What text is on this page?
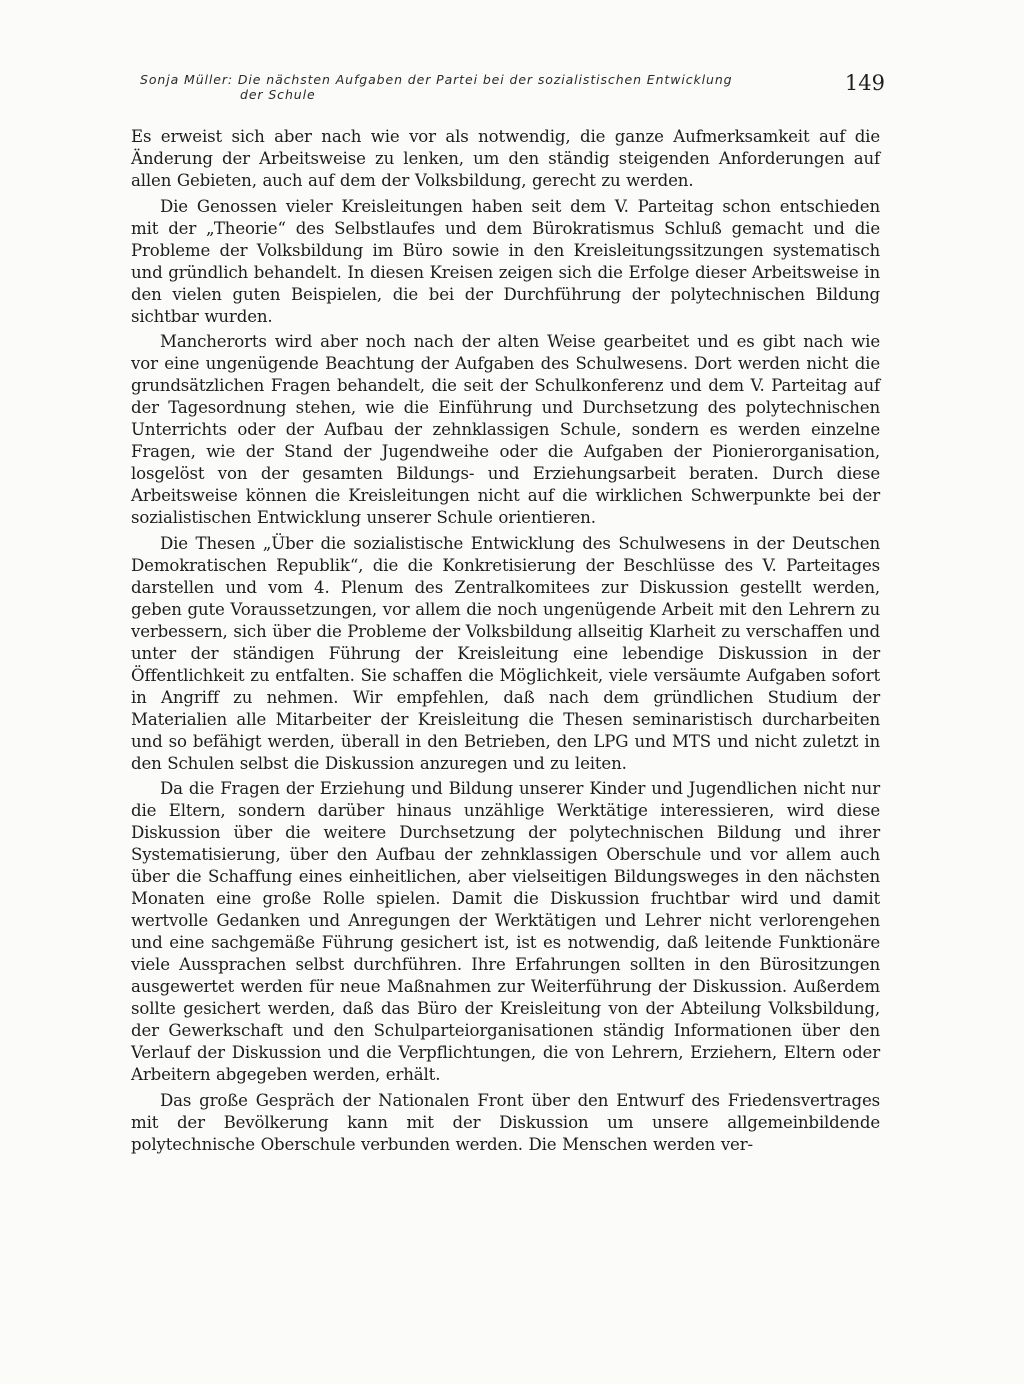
Sonja Müller: Die nächsten Aufgaben der Partei bei der sozialistischen Entwicklung
der Schule	149

Es erweist sich aber nach wie vor als notwendig, die ganze Aufmerksamkeit auf die Änderung der Arbeitsweise zu lenken, um den ständig steigenden Anforderungen auf allen Gebieten, auch auf dem der Volksbildung, gerecht zu werden.

Die Genossen vieler Kreisleitungen haben seit dem V. Parteitag schon entschieden mit der „Theorie“ des Selbstlaufes und dem Bürokratismus Schluß gemacht und die Probleme der Volksbildung im Büro sowie in den Kreisleitungssitzungen systematisch und gründlich behandelt. In diesen Kreisen zeigen sich die Erfolge dieser Arbeitsweise in den vielen guten Beispielen, die bei der Durchführung der polytechnischen Bildung sichtbar wurden.

Mancherorts wird aber noch nach der alten Weise gearbeitet und es gibt nach wie vor eine ungenügende Beachtung der Aufgaben des Schulwesens. Dort werden nicht die grundsätzlichen Fragen behandelt, die seit der Schulkonferenz und dem V. Parteitag auf der Tagesordnung stehen, wie die Einführung und Durchsetzung des polytechnischen Unterrichts oder der Aufbau der zehnklassigen Schule, sondern es werden einzelne Fragen, wie der Stand der Jugendweihe oder die Aufgaben der Pionierorganisation, losgelöst von der gesamten Bildungs- und Erziehungsarbeit beraten. Durch diese Arbeitsweise können die Kreisleitungen nicht auf die wirklichen Schwerpunkte bei der sozialistischen Entwicklung unserer Schule orientieren.

Die Thesen „Über die sozialistische Entwicklung des Schulwesens in der Deutschen Demokratischen Republik“, die die Konkretisierung der Beschlüsse des V. Parteitages darstellen und vom 4. Plenum des Zentralkomitees zur Diskussion gestellt werden, geben gute Voraussetzungen, vor allem die noch ungenügende Arbeit mit den Lehrern zu verbessern, sich über die Probleme der Volksbildung allseitig Klarheit zu verschaffen und unter der ständigen Führung der Kreisleitung eine lebendige Diskussion in der Öffentlichkeit zu entfalten. Sie schaffen die Möglichkeit, viele versäumte Aufgaben sofort in Angriff zu nehmen. Wir empfehlen, daß nach dem gründlichen Studium der Materialien alle Mitarbeiter der Kreisleitung die Thesen seminaristisch durcharbeiten und so befähigt werden, überall in den Betrieben, den LPG und MTS und nicht zuletzt in den Schulen selbst die Diskussion anzuregen und zu leiten.

Da die Fragen der Erziehung und Bildung unserer Kinder und Jugendlichen nicht nur die Eltern, sondern darüber hinaus unzählige Werktätige interessieren, wird diese Diskussion über die weitere Durchsetzung der polytechnischen Bildung und ihrer Systematisierung, über den Aufbau der zehnklassigen Oberschule und vor allem auch über die Schaffung eines einheitlichen, aber vielseitigen Bildungsweges in den nächsten Monaten eine große Rolle spielen. Damit die Diskussion fruchtbar wird und damit wertvolle Gedanken und Anregungen der Werktätigen und Lehrer nicht verlorengehen und eine sachgemäße Führung gesichert ist, ist es notwendig, daß leitende Funktionäre viele Aussprachen selbst durchführen. Ihre Erfahrungen sollten in den Bürositzungen ausgewertet werden für neue Maßnahmen zur Weiterführung der Diskussion. Außerdem sollte gesichert werden, daß das Büro der Kreisleitung von der Abteilung Volksbildung, der Gewerkschaft und den Schulparteiorganisationen ständig Informationen über den Verlauf der Diskussion und die Verpflichtungen, die von Lehrern, Erziehern, Eltern oder Arbeitern abgegeben werden, erhält.

Das große Gespräch der Nationalen Front über den Entwurf des Friedensvertrages mit der Bevölkerung kann mit der Diskussion um unsere allgemeinbildende polytechnische Oberschule verbunden werden. Die Menschen werden ver-
